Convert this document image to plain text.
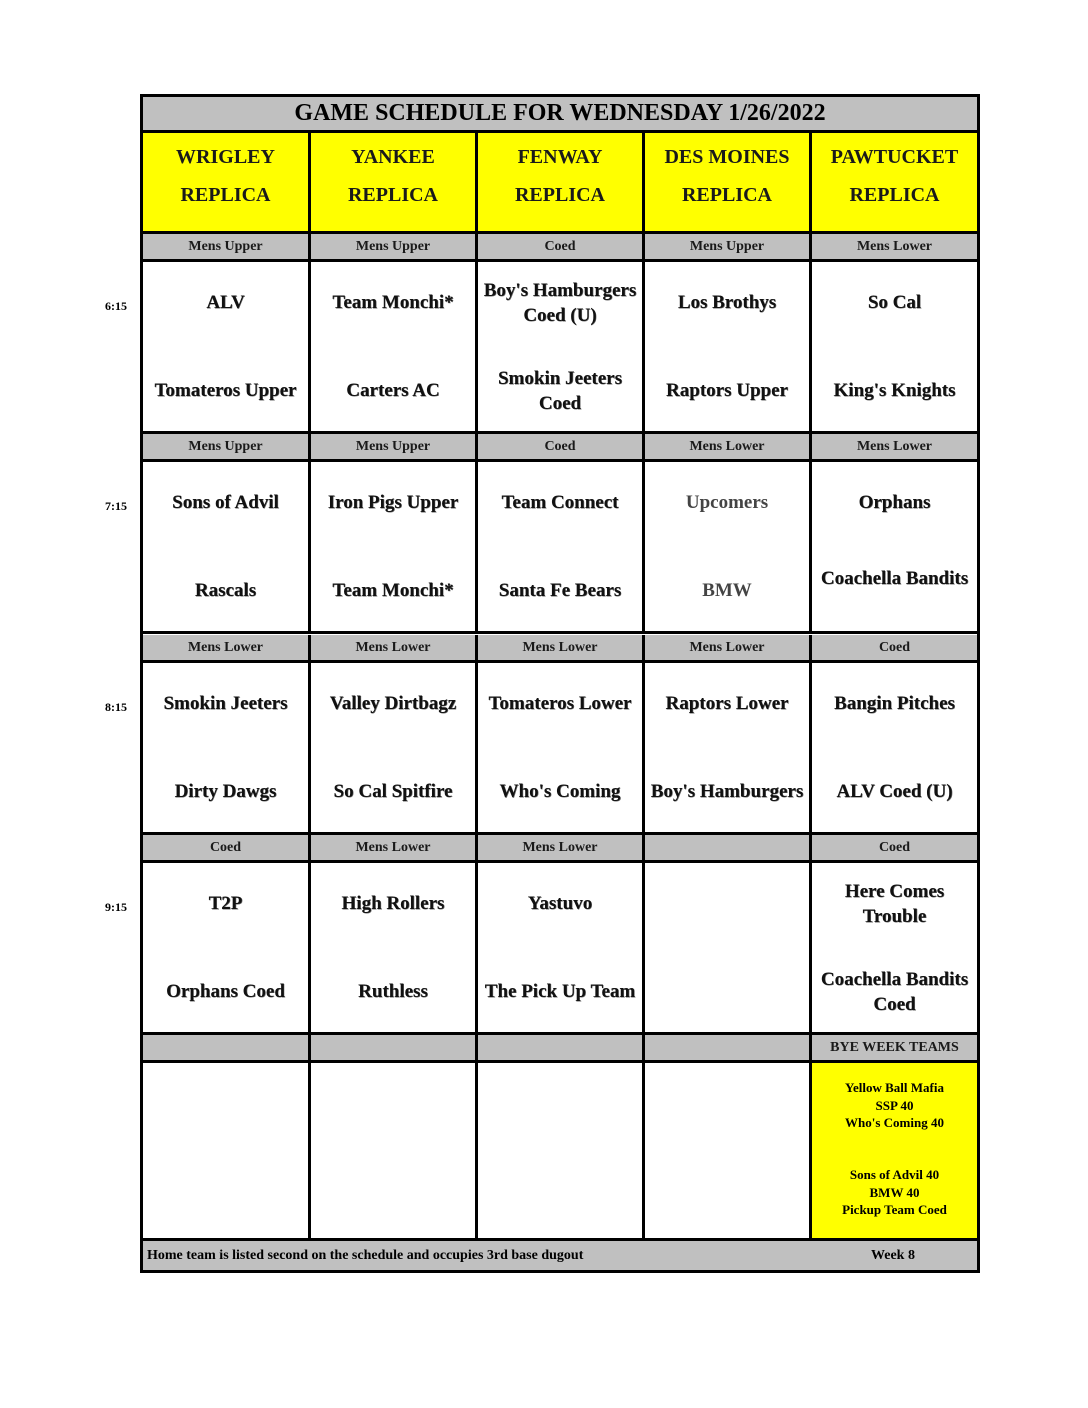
GAME SCHEDULE FOR WEDNESDAY 1/26/2022
WRIGLEY
REPLICA
YANKEE
REPLICA
FENWAY
REPLICA
DES MOINES
REPLICA
PAWTUCKET
REPLICA
Mens Upper
ALV
Tomateros Upper
Mens Upper
Team Monchi*
Carters AC
Coed
Boy's Hamburgers Coed (U)
Smokin Jeeters Coed
Mens Upper
Los Brothys
Raptors Upper
Mens Lower
So Cal
King's Knights
Mens Upper
Sons of Advil
Rascals
Mens Upper
Iron Pigs Upper
Team Monchi*
Coed
Team Connect
Santa Fe Bears
Mens Lower
Upcomers
BMW
Mens Lower
Orphans
Coachella Bandits
Mens Lower
Smokin Jeeters
Dirty Dawgs
Mens Lower
Valley Dirtbagz
So Cal Spitfire
Mens Lower
Tomateros Lower
Who's Coming
Mens Lower
Raptors Lower
Boy's Hamburgers
Coed
Bangin Pitches
ALV Coed (U)
Coed
T2P
Orphans Coed
Mens Lower
High Rollers
Ruthless
Mens Lower
Yastuvo
The Pick Up Team
Coed
Here Comes Trouble
Coachella Bandits Coed
BYE WEEK TEAMS
Yellow Ball Mafia
SSP 40
Who's Coming 40
Sons of Advil 40
BMW 40
Pickup Team Coed
Home team is listed second on the schedule and occupies 3rd base dugout	Week 8
6:15
7:15
8:15
9:15
